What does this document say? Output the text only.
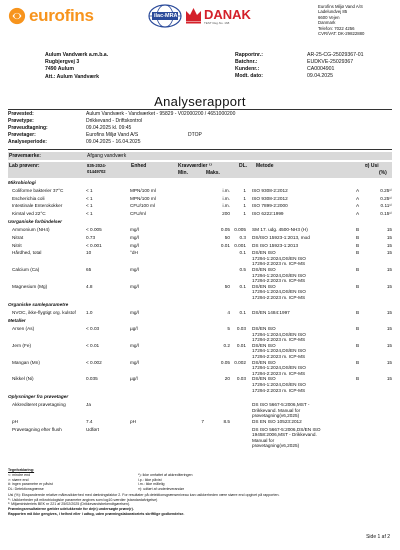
eurofins	ilac-MRA DANAK
TEST Reg.No. 168
Eurofins Miljø Vand A/S
Ladelundvej 85
6600 Vejen
Danmark
Telefon: 7022 4256
CVR/VAT: DK-29822880
Aulum Vandværk a.m.b.a.
Rugbjergvej 3
7490 Aulum
Att.: Aulum Vandværk
Rapportnr.:	AR-25-CG-25029367-01
Batchnr.:	EUDKVE-25029367
Kundenr.:	CA0004901
Modt. dato:	09.04.2025
Analyserapport
Prøvested:	Aulum Vandværk - Vandværket - 95829 - V02000200 / 4651000200
Prøvetype:	Drikkevand - Driftskontrol
Prøveudtagning:	09.04.2025 kl. 09:45
Prøvetager:	Eurofins Miljø Vand A/S	DTOP
Analyseperiode:	09.04.2025 - 16.04.2025
Prøvemærke:	Afgang vandværk
Lab prøvenr:	835-2024-
01449702
Enhed	Kravværdier ¹⁾
Min.	Maks.
DL. Metode	¤) Usi
(%)
Mikrobiologi								
Coliforme bakterier 37°C	< 1	MPN/100 ml		i.m.	1	ISO 9308-2:2012	A	0.25¹⁾
Escherichia coli	< 1	MPN/100 ml		i.m.	1	ISO 9308-2:2012	A	0.25¹⁾
Intestinale Enterokokker	< 1	CFU/100 ml		i.m.	1	ISO 7899-2:2000	A	0.11¹⁾
Kimtal ved 22°C	< 1	CFU/ml		200	1	ISO 6222:1999	A	0.15¹⁾
Uorganiske forbindelser								
Ammonium (NH4)	< 0.005	mg/l		0.05	0.005	SM 17. udg. 4500-NH3 (H)	B	15
Nitrat	0.73	mg/l		50	0.3	DS/ISO 15923-1:2013, mod	B	15
Nitrit	< 0.001	mg/l		0.01	0.001	DS ISO 15923-1:2013	B	15
Hårdhed, total	10	°dH			0.1	DS/EN ISO
17294-1:2024,DS/EN ISO
17294-2:2023 m. ICP-MS	B	15
Calcium (Ca)	65	mg/l			0.5	DS/EN ISO
17294-1:2024,DS/EN ISO
17294-2:2023 m. ICP-MS	B	15
Magnesium (Mg)	4.8	mg/l		50	0.1	DS/EN ISO
17294-1:2024,DS/EN ISO
17294-2:2023 m. ICP-MS	B	15
Organiske samleparametre								
NVOC, ikke-flygtigt org. kulstof	1.0	mg/l		4	0.1	DS/EN 1484:1997	B	15
Metaller								
Arsen (As)	< 0.03	µg/l		5	0.03	DS/EN ISO
17294-1:2024,DS/EN ISO
17294-2:2023 m. ICP-MS	B	15
Jern (Fe)	< 0.01	mg/l		0.2	0.01	DS/EN ISO
17294-1:2024,DS/EN ISO
17294-2:2023 m. ICP-MS	B	15
Mangan (Mn)	< 0.002	mg/l		0.05	0.002	DS/EN ISO
17294-1:2024,DS/EN ISO
17294-2:2023 m. ICP-MS	B	15
Nikkel (Ni)	0.035	µg/l		20	0.03	DS/EN ISO
17294-1:2024,DS/EN ISO
17294-2:2023 m. ICP-MS	B	15
Oplysninger fra prøvetager								
Akkrediteret prøvetagning	Ja					DS ISO 5667-5:2006,MST -
Drikkevand. Manual for
prøvetagning(v6,2025)		

pH	7.4	pH	7	8.5		DS EN ISO 10523:2012		

Prøvetagning efter flush	Udført					DS ISO 5667-5:2006,DS/EN ISO
19458:2006,MST - Drikkevand.
Manual for
prøvetagning(v6,2025)		

Tegnforklaring:
<: mindre end
>: større end
#: ingen parametre er påvist
DL: Detektionsgrænse
*): ikke omfattet af akkrediteringen
i.p.: ikke påvist
i.m.: ikke målelig
¤): udført af underleverandør
Usi (%): Ekspanderede relative måleusikkerhed med dækningsfaktor 2. For resultater på detektionsgrænseniveau kan usikkerheden være større end opgivet på rapporten.
¹⁾: Usikkerheder på mikrobiologiske parametre angives som log10-værdier (standardafvigelse)
¹⁾ Miljøministeriets BEK nr 221 af 25/02/2025 (Drikkevandsbekendtgørelsen).
Prøvningsresultaterne gælder udelukkende for de(n) undersøgte prøve(r).
Rapporten må ikke gengives, i helhed eller i udtog, uden prøvningslaboratoriets skriftlige godkendelse.
Side 1 af 2
